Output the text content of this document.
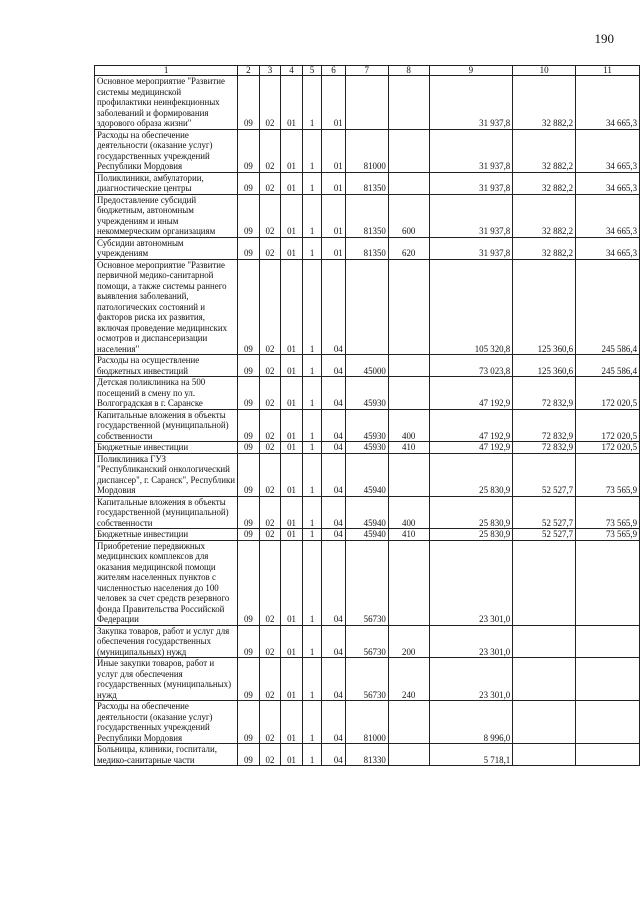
190
1	2	3	4	5	6	7	8	9	10	11
Основное мероприятие "Развитие системы медицинской профилактики неинфекционных заболеваний и формирования здорового образа жизни"	09	02	01	1	01			31 937,8	32 882,2	34 665,3
Расходы на обеспечение деятельности (оказание услуг) государственных учреждений Республики Мордовия	09	02	01	1	01	81000		31 937,8	32 882,2	34 665,3
Поликлиники, амбулатории, диагностические центры	09	02	01	1	01	81350		31 937,8	32 882,2	34 665,3
Предоставление субсидий бюджетным, автономным учреждениям и иным некоммерческим организациям	09	02	01	1	01	81350	600	31 937,8	32 882,2	34 665,3
Субсидии автономным учреждениям	09	02	01	1	01	81350	620	31 937,8	32 882,2	34 665,3
Основное мероприятие "Развитие первичной медико-санитарной помощи, а также системы раннего выявления заболеваний, патологических состояний и факторов риска их развития, включая проведение медицинских осмотров и диспансеризации населения"	09	02	01	1	04			105 320,8	125 360,6	245 586,4
Расходы на осуществление бюджетных инвестиций	09	02	01	1	04	45000		73 023,8	125 360,6	245 586,4
Детская поликлиника на 500 посещений в смену по ул. Волгоградская в г. Саранске	09	02	01	1	04	45930		47 192,9	72 832,9	172 020,5
Капитальные вложения в объекты государственной (муниципальной) собственности	09	02	01	1	04	45930	400	47 192,9	72 832,9	172 020,5
Бюджетные инвестиции	09	02	01	1	04	45930	410	47 192,9	72 832,9	172 020,5
Поликлиника ГУЗ "Республиканский онкологический диспансер", г. Саранск", Республики Мордовия	09	02	01	1	04	45940		25 830,9	52 527,7	73 565,9
Капитальные вложения в объекты государственной (муниципальной) собственности	09	02	01	1	04	45940	400	25 830,9	52 527,7	73 565,9
Бюджетные инвестиции	09	02	01	1	04	45940	410	25 830,9	52 527,7	73 565,9
Приобретение передвижных медицинских комплексов для оказания медицинской помощи жителям населенных пунктов с численностью населения до 100 человек за счет средств резервного фонда Правительства Российской Федерации	09	02	01	1	04	56730		23 301,0		
Закупка товаров, работ и услуг для обеспечения государственных (муниципальных) нужд	09	02	01	1	04	56730	200	23 301,0		
Иные закупки товаров, работ и услуг для обеспечения государственных (муниципальных) нужд	09	02	01	1	04	56730	240	23 301,0		
Расходы на обеспечение деятельности (оказание услуг) государственных учреждений Республики Мордовия	09	02	01	1	04	81000		8 996,0		
Больницы, клиники, госпитали, медико-санитарные части	09	02	01	1	04	81330		5 718,1		
